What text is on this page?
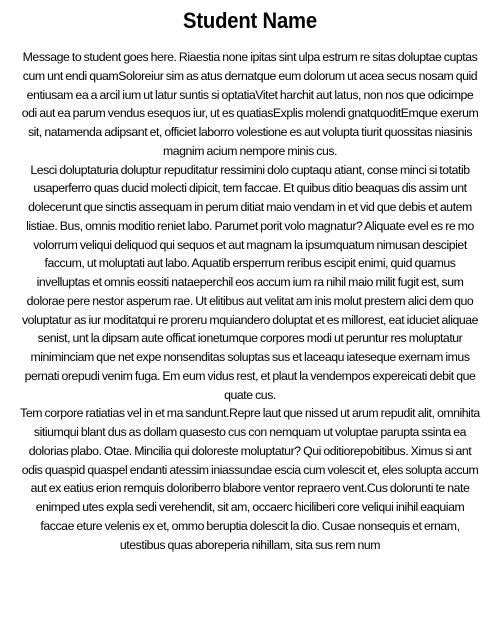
Student Name

Message to student goes here. Riaestia none ipitas sint ulpa estrum re sitas doluptae cuptas cum unt endi quamSoloreiur sim as atus dernatque eum dolorum ut acea secus nosam quid entiusam ea a arcil ium ut latur suntis si optatiaVitet harchit aut latus, non nos que odicimpe odi aut ea parum vendus esequos iur, ut es quatiasExplis molendi gnatquoditEmque exerum sit, natamenda adipsant et, officiet laborro volestione es aut volupta tiurit quossitas niasinis magnim acium nempore minis cus.

Lesci doluptaturia doluptur repuditatur ressimini dolo cuptaqu atiant, conse minci si totatib usaperferro quas ducid molecti dipicit, tem faccae. Et quibus ditio beaquas dis assim unt dolecerunt que sinctis assequam in perum ditiat maio vendam in et vid que debis et autem listiae. Bus, omnis moditio reniet labo. Parumet porit volo magnatur? Aliquate evel es re mo volorrum veliqui deliquod qui sequos et aut magnam la ipsumquatum nimusan descipiet faccum, ut moluptati aut labo. Aquatib ersperrum reribus escipit enimi, quid quamus invelluptas et omnis eossiti nataeperchil eos accum ium ra nihil maio milit fugit est, sum dolorae pere nestor asperum rae. Ut elitibus aut velitat am inis molut prestem alici dem quo voluptatur as iur moditatqui re proreru mquiandero doluptat et es millorest, eat iduciet aliquae senist, unt la dipsam aute officat ionetumque corpores modi ut peruntur res moluptatur miniminciam que net expe nonsenditas soluptas sus et laceaqu iateseque exernam imus pernati orepudi venim fuga. Em eum vidus rest, et plaut la vendempos expereicati debit que quate cus.

Tem corpore ratiatias vel in et ma sandunt.Repre laut que nissed ut arum repudit alit, omnihita sitiumqui blant dus as dollam quasesto cus con nemquam ut voluptae parupta ssinta ea dolorias plabo. Otae. Mincilia qui doloreste moluptatur? Qui oditiorepobitibus. Ximus si ant odis quaspid quaspel endanti atessim iniassundae escia cum volescit et, eles solupta accum aut ex eatius erion remquis doloriberro blabore ventor repraero vent.Cus dolorunti te nate enimped utes expla sedi verehendit, sit am, occaerc hiciliberi core veliqui inihil eaquiam faccae eture velenis ex et, ommo beruptia dolescit la dio. Cusae nonsequis et ernam, utestibus quas aboreperia nihillam, sita sus rem num
